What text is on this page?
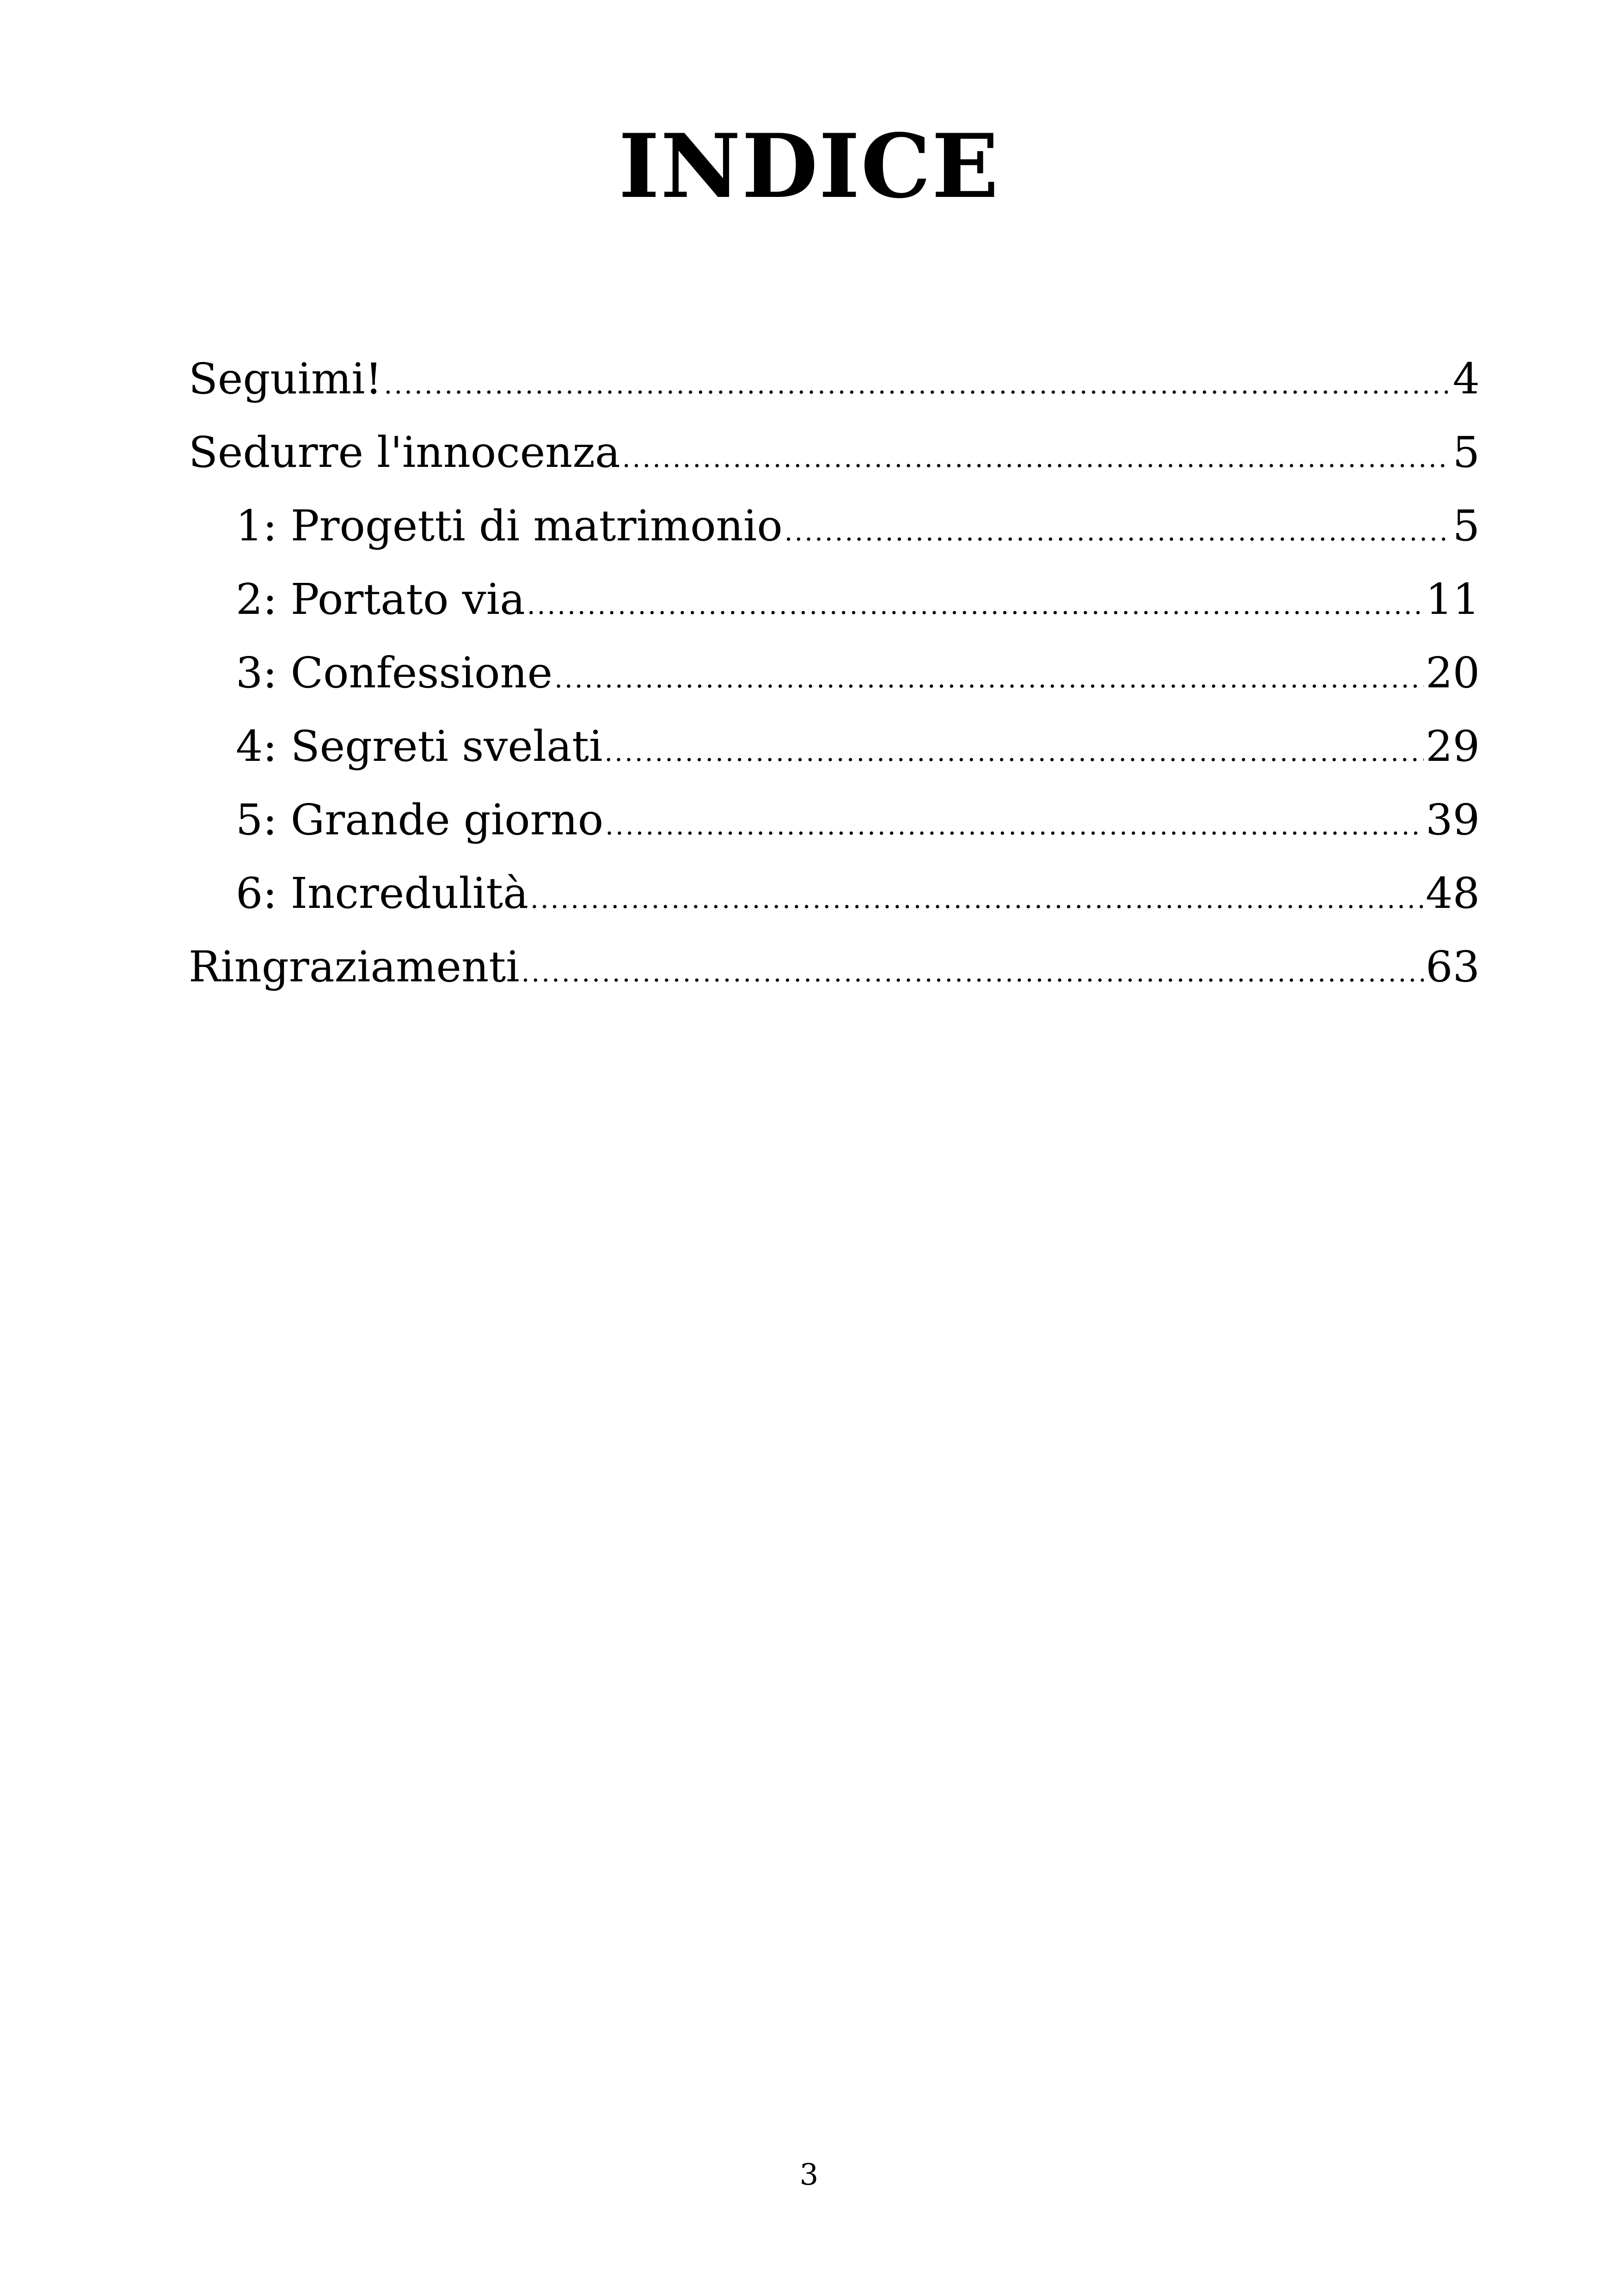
INDICE
Seguimi! .....	4
Sedurre l'innocenza .....	5
1: Progetti di matrimonio .....	5
2: Portato via .....	11
3: Confessione .....	20
4: Segreti svelati .....	29
5: Grande giorno .....	39
6: Incredulità .....	48
Ringraziamenti .....	63
3
